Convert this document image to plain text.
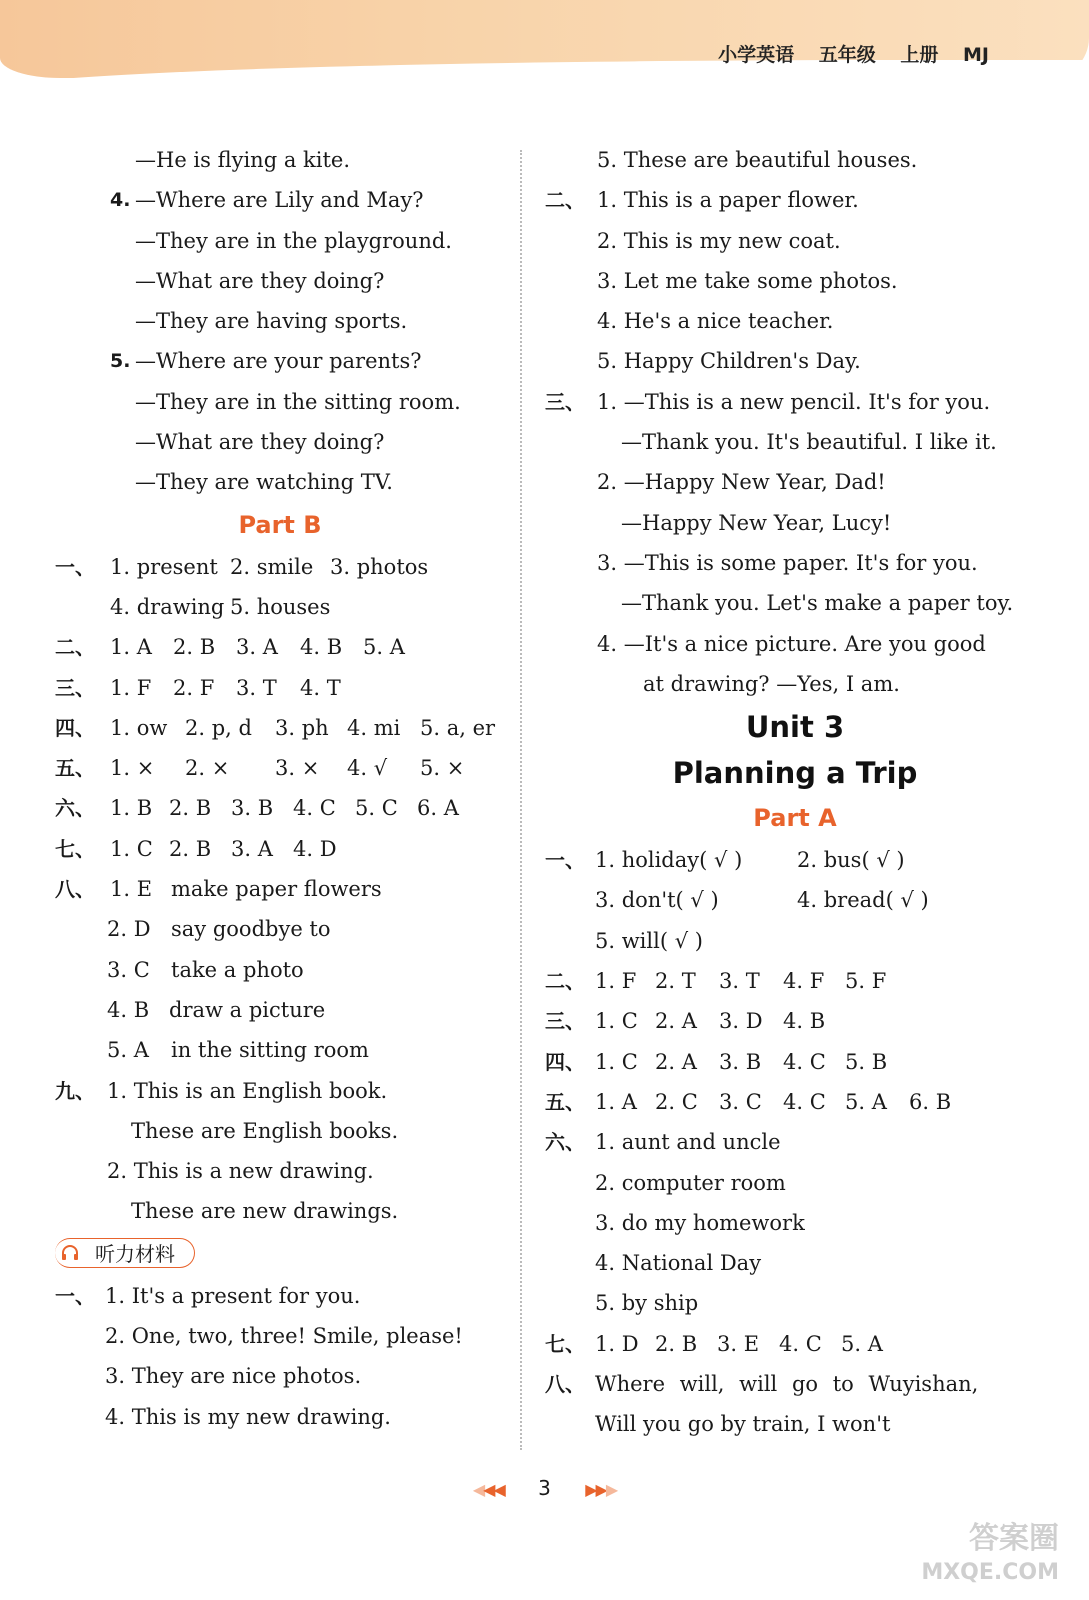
小学英语 五年级 上册 MJ
—He is flying a kite.
4. —Where are Lily and May?
—They are in the playground.
—What are they doing?
—They are having sports.
5. —Where are your parents?
—They are in the sitting room.
—What are they doing?
—They are watching TV.
Part B
一、 1. present 2. smile 3. photos
4. drawing 5. houses
二、 1. A 2. B 3. A 4. B 5. A
三、 1. F 2. F 3. T 4. T
四、 1. ow 2. p, d 3. ph 4. mi 5. a, er
五、 1. × 2. × 3. × 4. √ 5. ×
六、 1. B 2. B 3. B 4. C 5. C 6. A
七、 1. C 2. B 3. A 4. D
八、 1. E make paper flowers
2. D say goodbye to
3. C take a photo
4. B draw a picture
5. A in the sitting room
九、 1. This is an English book.
These are English books.
2. This is a new drawing.
These are new drawings.
听力材料
一、 1. It's a present for you.
2. One, two, three! Smile, please!
3. They are nice photos.
4. This is my new drawing.
5. These are beautiful houses.
二、 1. This is a paper flower.
2. This is my new coat.
3. Let me take some photos.
4. He's a nice teacher.
5. Happy Children's Day.
三、 1. —This is a new pencil. It's for you.
—Thank you. It's beautiful. I like it.
2. —Happy New Year, Dad!
—Happy New Year, Lucy!
3. —This is some paper. It's for you.
—Thank you. Let's make a paper toy.
4. —It's a nice picture. Are you good
at drawing? —Yes, I am.
Unit 3
Planning a Trip
Part A
一、 1. holiday( √ )	2. bus( √ )
3. don't( √ )	4. bread( √ )
5. will( √ )
二、 1. F 2. T 3. T 4. F 5. F
三、 1. C 2. A 3. D 4. B
四、 1. C 2. A 3. B 4. C 5. B
五、 1. A 2. C 3. C 4. C 5. A 6. B
六、 1. aunt and uncle
2. computer room
3. do my homework
4. National Day
5. by ship
七、 1. D 2. B 3. E 4. C 5. A
八、 Where will, will go to Wuyishan,
Will you go by train, I won't
◀◀◀ 3 ▶▶▶
答案圈
MXQE.COM
